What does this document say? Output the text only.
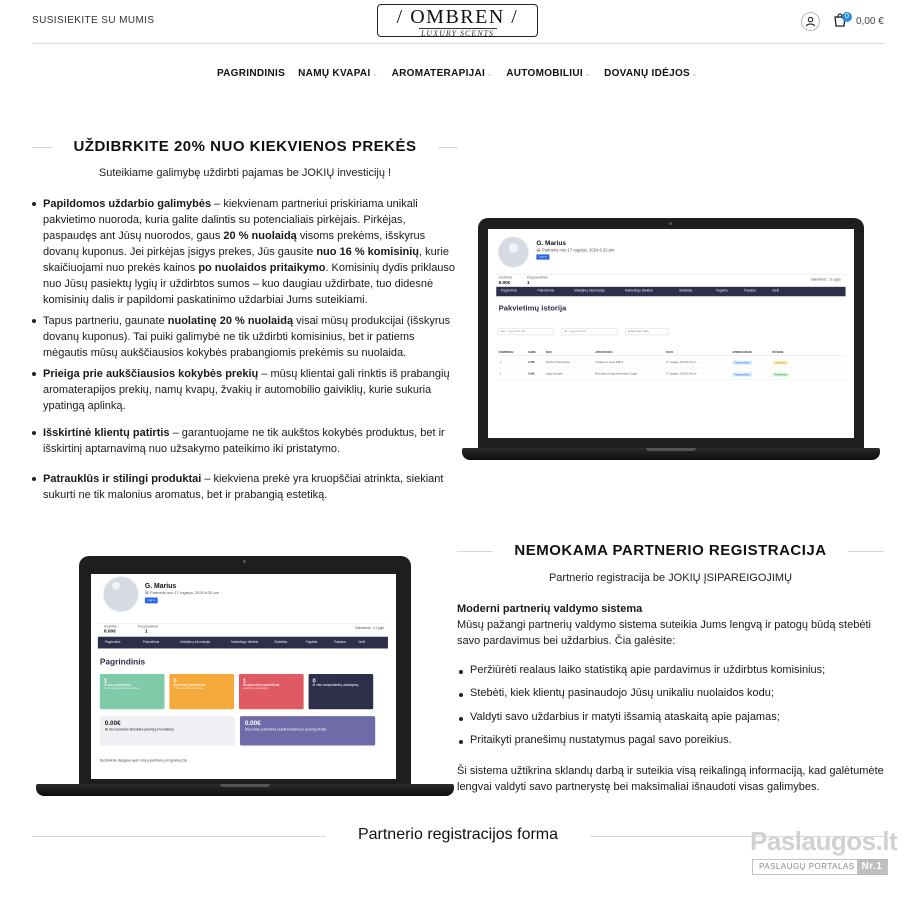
SUSISIEKITE SU MUMIS	/ OMBREN /
LUXURY SCENTS
0 0,00 €
PAGRINDINIS NAMŲ KVAPAI⌄ AROMATERAPIJAI⌄ AUTOMOBILIUI⌄ DOVANŲ IDĖJOS⌄
UŽDIBRKITE 20% NUO KIEKVIENOS PREKĖS
Suteikiame galimybę uždirbti pajamas be JOKIŲ investicijų !
Papildomos uždarbio galimybės – kiekvienam partneriui priskiriama unikali pakvietimo nuoroda, kuria galite dalintis su potencialiais pirkėjais. Pirkėjas, paspaudęs ant Jūsų nuorodos, gaus 20 % nuolaidą visoms prekėms, išskyrus dovanų kuponus. Jei pirkėjas įsigys prekes, Jūs gausite nuo 16 % komisinių, kurie skaičiuojami nuo prekės kainos po nuolaidos pritaikymo. Komisinių dydis priklauso nuo Jūsų pasiektų lygių ir uždirbtos sumos – kuo daugiau uždirbate, tuo didesnė komisinių dalis ir papildomi paskatinimo uždarbiai Jums suteikiami.
Tapus partneriu, gaunate nuolatinę 20 % nuolaidą visai mūsų produkcijai (išskyrus dovanų kuponus). Tai puiki galimybė ne tik uždirbti komisinius, bet ir patiems mėgautis mūsų aukščiausios kokybės prabangiomis prekėmis su nuolaida.
Prieiga prie aukščiausios kokybės prekių – mūsų klientai gali rinktis iš prabangių aromaterapijos prekių, namų kvapų, žvakių ir automobilio gaiviklių, kurie sukuria ypatingą aplinką.
Išskirtinė klientų patirtis – garantuojame ne tik aukštos kokybės produktus, bet ir išskirtinį aptarnavimą nuo užsakymo pateikimo iki pristatymo.
Patrauklūs ir stilingi produktai – kiekviena prekė yra kruopščiai atrinkta, siekiant sukurti ne tik malonius aromatus, bet ir prabangią estetiką.
G. Marius
😀 Partneris nuo 17 rugsėjo, 2024 6:32 pm
Log in
Uždirbta
0.00€
Paspaudimai
1	Dabartinis : 3 Lygis
Pagrindinis	Pakvietimai	Mokėjimų informacija	Marketingo ištekliai	Statistika	Pagalba	Pastaba	Išeiti
Pakvietimų istorija
Nuo - yyyy-mm-dd	Iki - yyyy-mm-dd	Ieškoti tarp datų
KOMISINIAI	SUMA NUO	APRAŠYMAS	DATA	APMOKĖJIMAS	BŪSENA
1	0.75€ Ombren Partnerystė	Užsakymo suma #3972	17 rugsėjo, 2024 6:37 pm	Neapmokėta	Laukiama
2	0.65€ Lygių bonusas	Bonusas už lygio pasiekimą 1 Lygis	17 rugsėjo, 2024 6:34 pm	Neapmokėta	Patvirtinta
G. Marius
😀 Partneris nuo 17 rugsėjo, 2024 6:32 pm
Log in
Uždirbta
0.00€
Paspaudimai
1
Dabartinis : 3 Lygis
Pagrindinis	Pakvietimai	Mokėjimų informacija	Marketingo ištekliai Statistika	Pagalba	Pastaba Išeiti
Pagrindinis
1
Iš viso pakvietimų
Iš viso gautų pakvietimų skaičius
0
Apmokėti pakvietimai
Iš viso apmokėtų pakvietimų
1
Neapmokėti pakvietimai
Laukiantys apmokėjimo
0
Iš viso neapmokėtų užsakymų
0.00€
Iki šio momento išmokėta premijų ir komisinių
0.00€
Šiuo metu patvirtinta esanti komisinių ir premijų likutis
Sužinokite daugiau apie mūsų partnerių programą čia
NEMOKAMA PARTNERIO REGISTRACIJA
Partnerio registracija be JOKIŲ ĮSIPAREIGOJIMŲ
Moderni partnerių valdymo sistema
Mūsų pažangi partnerių valdymo sistema suteikia Jums lengvą ir patogų būdą stebėti savo pardavimus bei uždarbius. Čia galėsite:
Peržiūrėti realaus laiko statistiką apie pardavimus ir uždirbtus komisinius;
Stebėti, kiek klientų pasinaudojo Jūsų unikaliu nuolaidos kodu;
Valdyti savo uždarbius ir matyti išsamią ataskaitą apie pajamas;
Pritaikyti pranešimų nustatymus pagal savo poreikius.
Ši sistema užtikrina sklandų darbą ir suteikia visą reikalingą informaciją, kad galėtumėte lengvai valdyti savo partnerystę bei maksimaliai išnaudoti visas galimybes.
Partnerio registracijos forma	Paslaugos.lt
PASLAUGŲ PORTALAS Nr.1
